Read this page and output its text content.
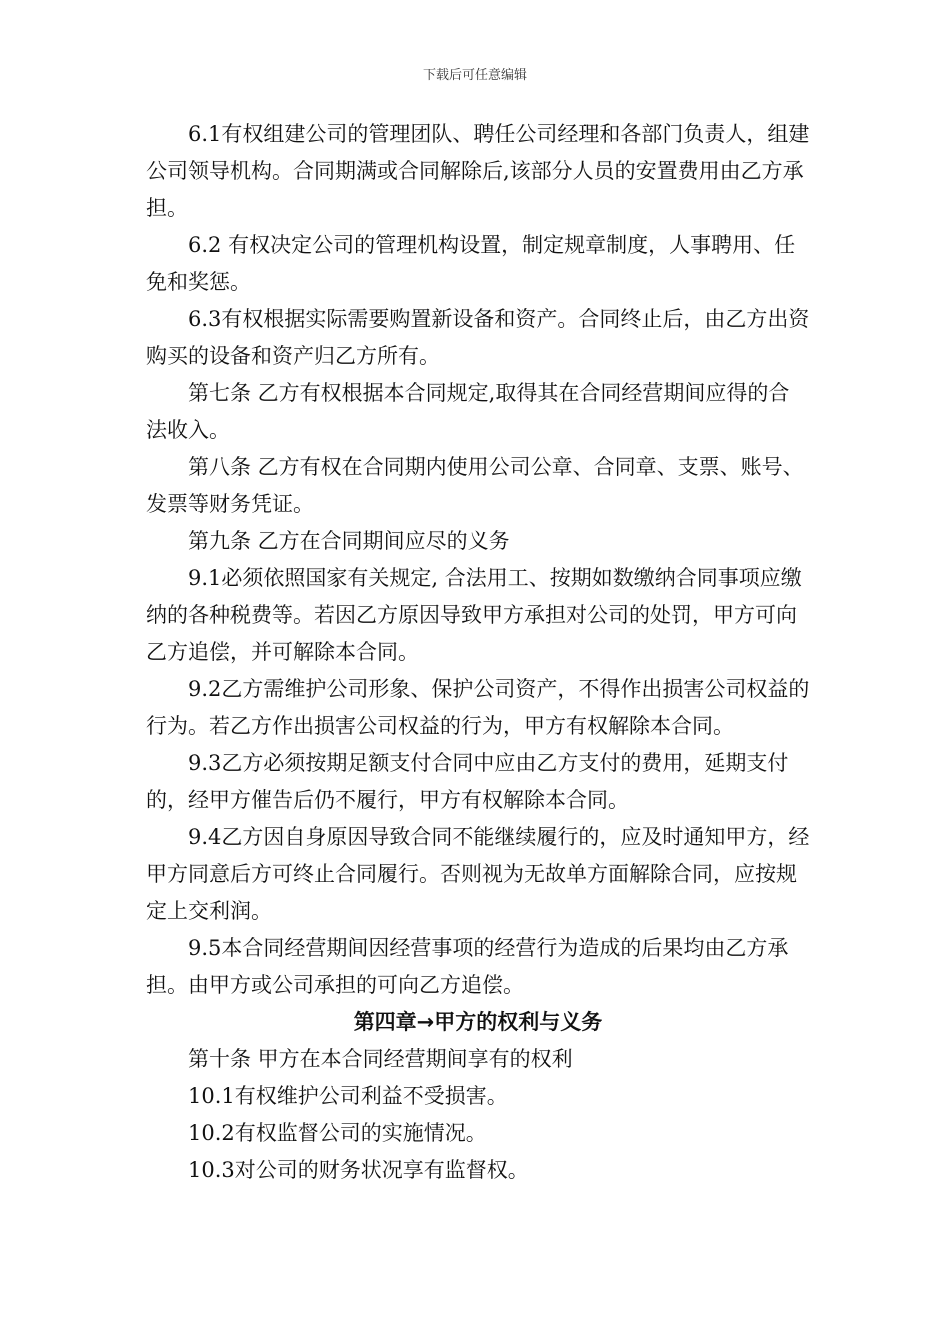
下载后可任意编辑

6.1有权组建公司的管理团队、聘任公司经理和各部门负责人，组建公司领导机构。合同期满或合同解除后,该部分人员的安置费用由乙方承担。

6.2 有权决定公司的管理机构设置，制定规章制度，人事聘用、任免和奖惩。

6.3有权根据实际需要购置新设备和资产。合同终止后，由乙方出资购买的设备和资产归乙方所有。

第七条 乙方有权根据本合同规定,取得其在合同经营期间应得的合法收入。

第八条 乙方有权在合同期内使用公司公章、合同章、支票、账号、发票等财务凭证。

第九条 乙方在合同期间应尽的义务

9.1必须依照国家有关规定, 合法用工、按期如数缴纳合同事项应缴纳的各种税费等。若因乙方原因导致甲方承担对公司的处罚，甲方可向乙方追偿，并可解除本合同。

9.2乙方需维护公司形象、保护公司资产，不得作出损害公司权益的行为。若乙方作出损害公司权益的行为，甲方有权解除本合同。

9.3乙方必须按期足额支付合同中应由乙方支付的费用，延期支付的，经甲方催告后仍不履行，甲方有权解除本合同。

9.4乙方因自身原因导致合同不能继续履行的，应及时通知甲方，经甲方同意后方可终止合同履行。否则视为无故单方面解除合同，应按规定上交利润。

9.5本合同经营期间因经营事项的经营行为造成的后果均由乙方承担。由甲方或公司承担的可向乙方追偿。

第四章→甲方的权利与义务

第十条 甲方在本合同经营期间享有的权利

10.1有权维护公司利益不受损害。

10.2有权监督公司的实施情况。

10.3对公司的财务状况享有监督权。
